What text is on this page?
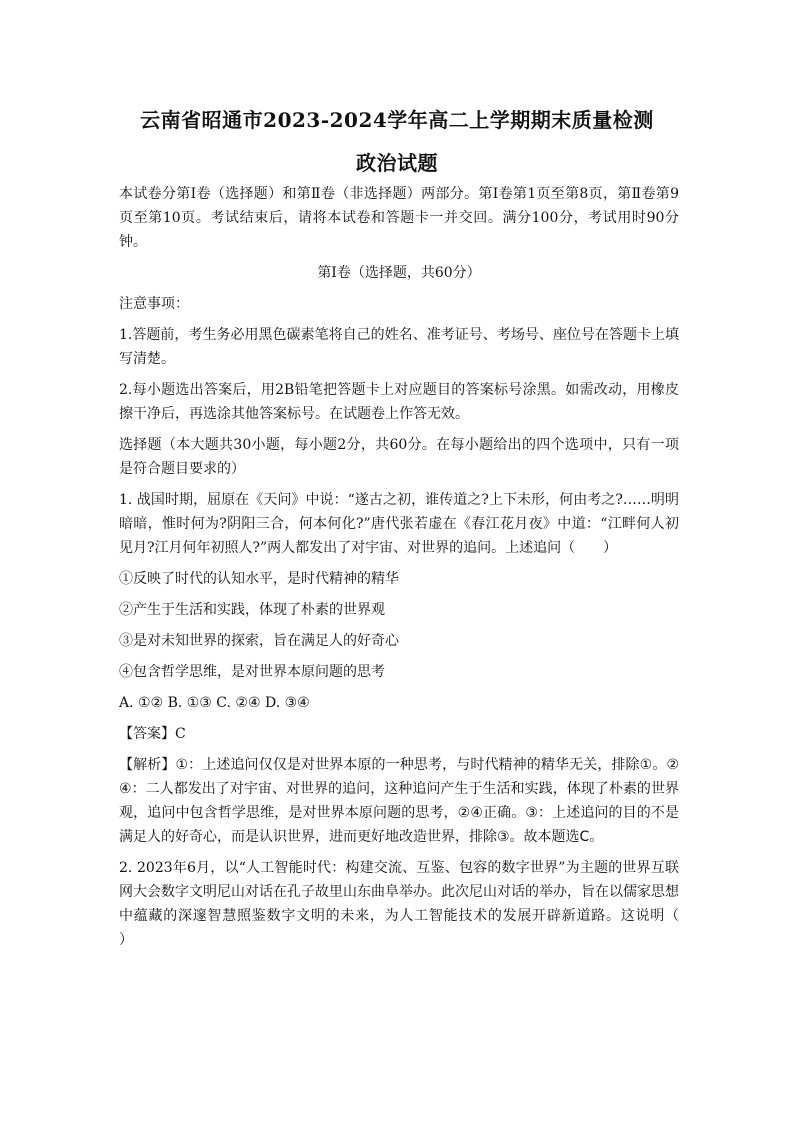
云南省昭通市2023-2024学年高二上学期期末质量检测
政治试题

本试卷分第Ⅰ卷（选择题）和第Ⅱ卷（非选择题）两部分。第Ⅰ卷第1页至第8页，第Ⅱ卷第9页至第10页。考试结束后，请将本试卷和答题卡一并交回。满分100分，考试用时90分钟。

第Ⅰ卷（选择题，共60分）

注意事项：

1.答题前，考生务必用黑色碳素笔将自己的姓名、准考证号、考场号、座位号在答题卡上填写清楚。

2.每小题选出答案后，用2B铅笔把答题卡上对应题目的答案标号涂黑。如需改动，用橡皮擦干净后，再选涂其他答案标号。在试题卷上作答无效。

选择题（本大题共30小题，每小题2分，共60分。在每小题给出的四个选项中，只有一项是符合题目要求的）

1. 战国时期，屈原在《天问》中说：“遂古之初，谁传道之?上下未形，何由考之?……明明暗暗，惟时何为?阴阳三合，何本何化?”唐代张若虚在《春江花月夜》中道：“江畔何人初见月?江月何年初照人?”两人都发出了对宇宙、对世界的追问。上述追问（　　）

①反映了时代的认知水平，是时代精神的精华

②产生于生活和实践，体现了朴素的世界观

③是对未知世界的探索，旨在满足人的好奇心

④包含哲学思维，是对世界本原问题的思考

A. ①② B. ①③ C. ②④ D. ③④

【答案】C

【解析】①：上述追问仅仅是对世界本原的一种思考，与时代精神的精华无关，排除①。②④：二人都发出了对宇宙、对世界的追问，这种追问产生于生活和实践，体现了朴素的世界观，追问中包含哲学思维，是对世界本原问题的思考，②④正确。③：上述追问的目的不是满足人的好奇心，而是认识世界，进而更好地改造世界，排除③。故本题选C。

2. 2023年6月，以“人工智能时代：构建交流、互鉴、包容的数字世界”为主题的世界互联网大会数字文明尼山对话在孔子故里山东曲阜举办。此次尼山对话的举办，旨在以儒家思想中蕴藏的深邃智慧照鉴数字文明的未来，为人工智能技术的发展开辟新道路。这说明（　　）
